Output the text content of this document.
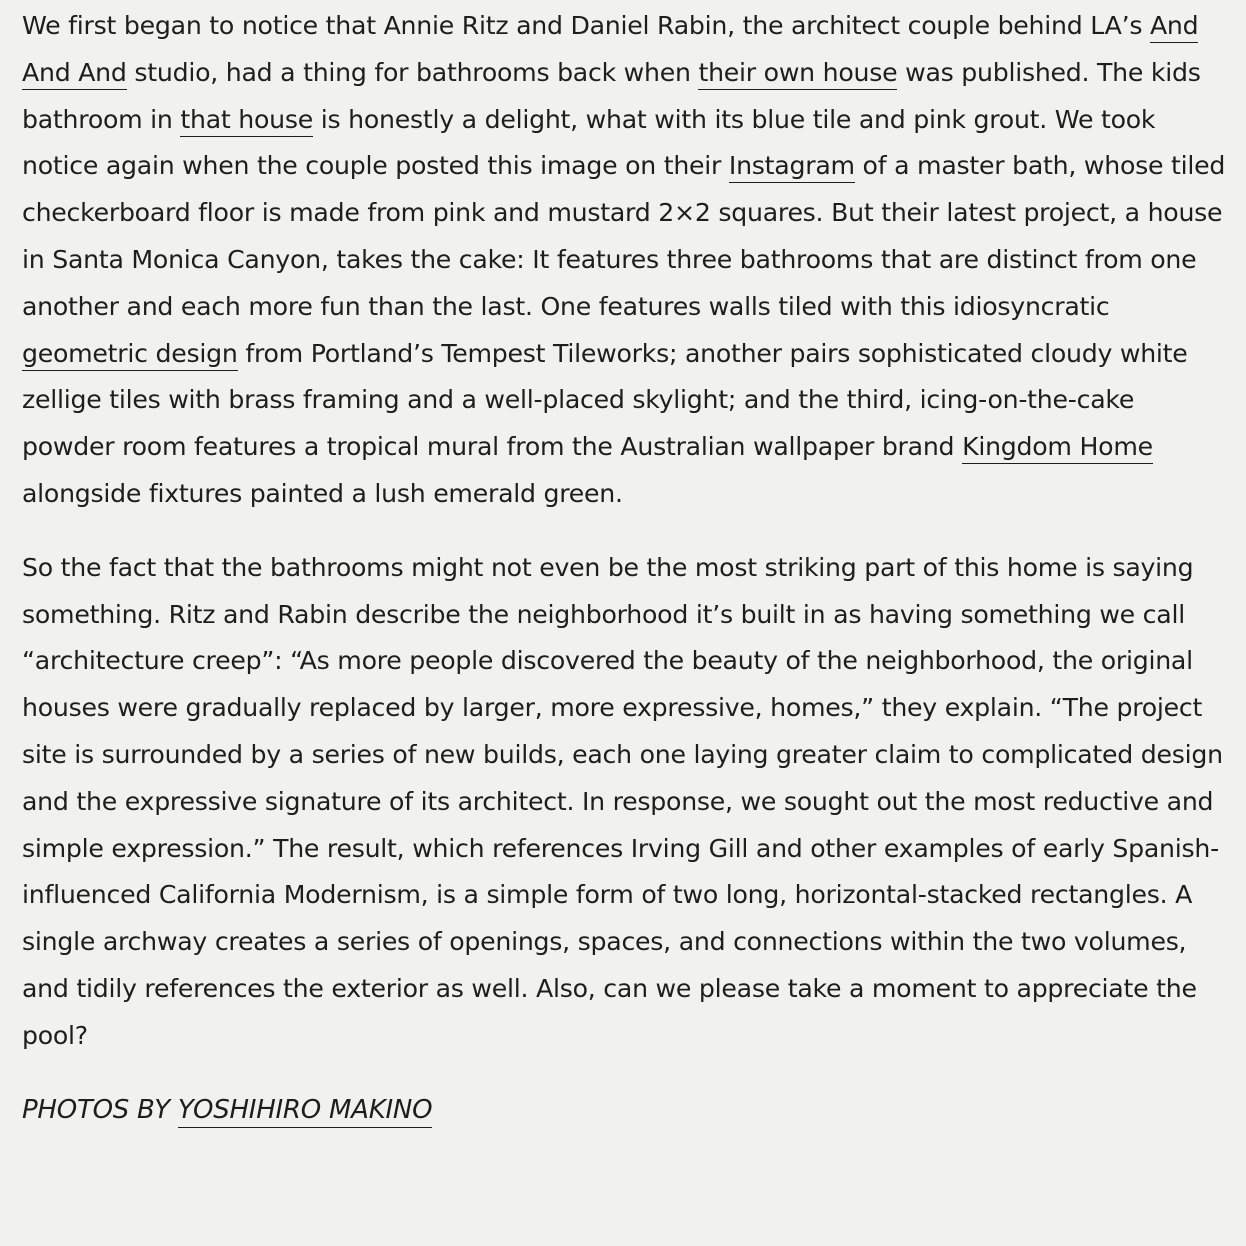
We first began to notice that Annie Ritz and Daniel Rabin, the architect couple behind LA’s And And And studio, had a thing for bathrooms back when their own house was published. The kids bathroom in that house is honestly a delight, what with its blue tile and pink grout. We took notice again when the couple posted this image on their Instagram of a master bath, whose tiled checkerboard floor is made from pink and mustard 2×2 squares. But their latest project, a house in Santa Monica Canyon, takes the cake: It features three bathrooms that are distinct from one another and each more fun than the last. One features walls tiled with this idiosyncratic geometric design from Portland’s Tempest Tileworks; another pairs sophisticated cloudy white zellige tiles with brass framing and a well-placed skylight; and the third, icing-on-the-cake powder room features a tropical mural from the Australian wallpaper brand Kingdom Home alongside fixtures painted a lush emerald green.

So the fact that the bathrooms might not even be the most striking part of this home is saying something. Ritz and Rabin describe the neighborhood it’s built in as having something we call “architecture creep”: “As more people discovered the beauty of the neighborhood, the original houses were gradually replaced by larger, more expressive, homes,” they explain. “The project site is surrounded by a series of new builds, each one laying greater claim to complicated design and the expressive signature of its architect. In response, we sought out the most reductive and simple expression.” The result, which references Irving Gill and other examples of early Spanish-influenced California Modernism, is a simple form of two long, horizontal-stacked rectangles. A single archway creates a series of openings, spaces, and connections within the two volumes, and tidily references the exterior as well. Also, can we please take a moment to appreciate the pool?

PHOTOS BY YOSHIHIRO MAKINO
